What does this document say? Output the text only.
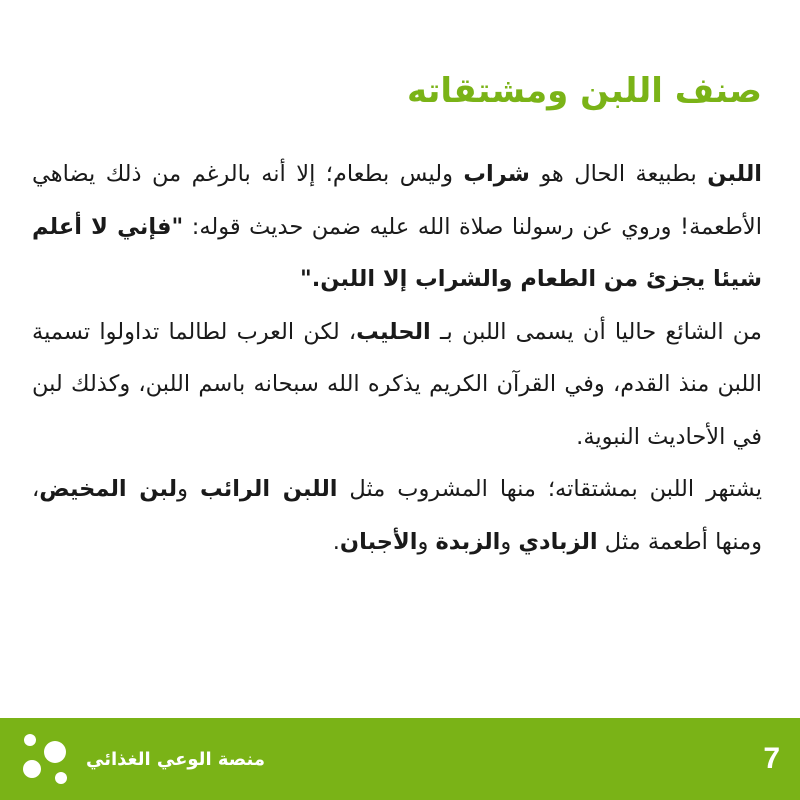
صنف اللبن ومشتقاته

اللبن بطبيعة الحال هو شراب وليس بطعام؛ إلا أنه بالرغم من ذلك يضاهي الأطعمة! وروي عن رسولنا صلاة الله عليه ضمن حديث قوله: "فإني لا أعلم شيئا يجزئ من الطعام والشراب إلا اللبن."

من الشائع حاليا أن يسمى اللبن بـ الحليب، لكن العرب لطالما تداولوا تسمية اللبن منذ القدم، وفي القرآن الكريم يذكره الله سبحانه باسم اللبن، وكذلك لبن في الأحاديث النبوية.

يشتهر اللبن بمشتقاته؛ منها المشروب مثل اللبن الرائب ولبن المخيض، ومنها أطعمة مثل الزبادي والزبدة والأجبان.

7
منصة الوعي الغذائي
